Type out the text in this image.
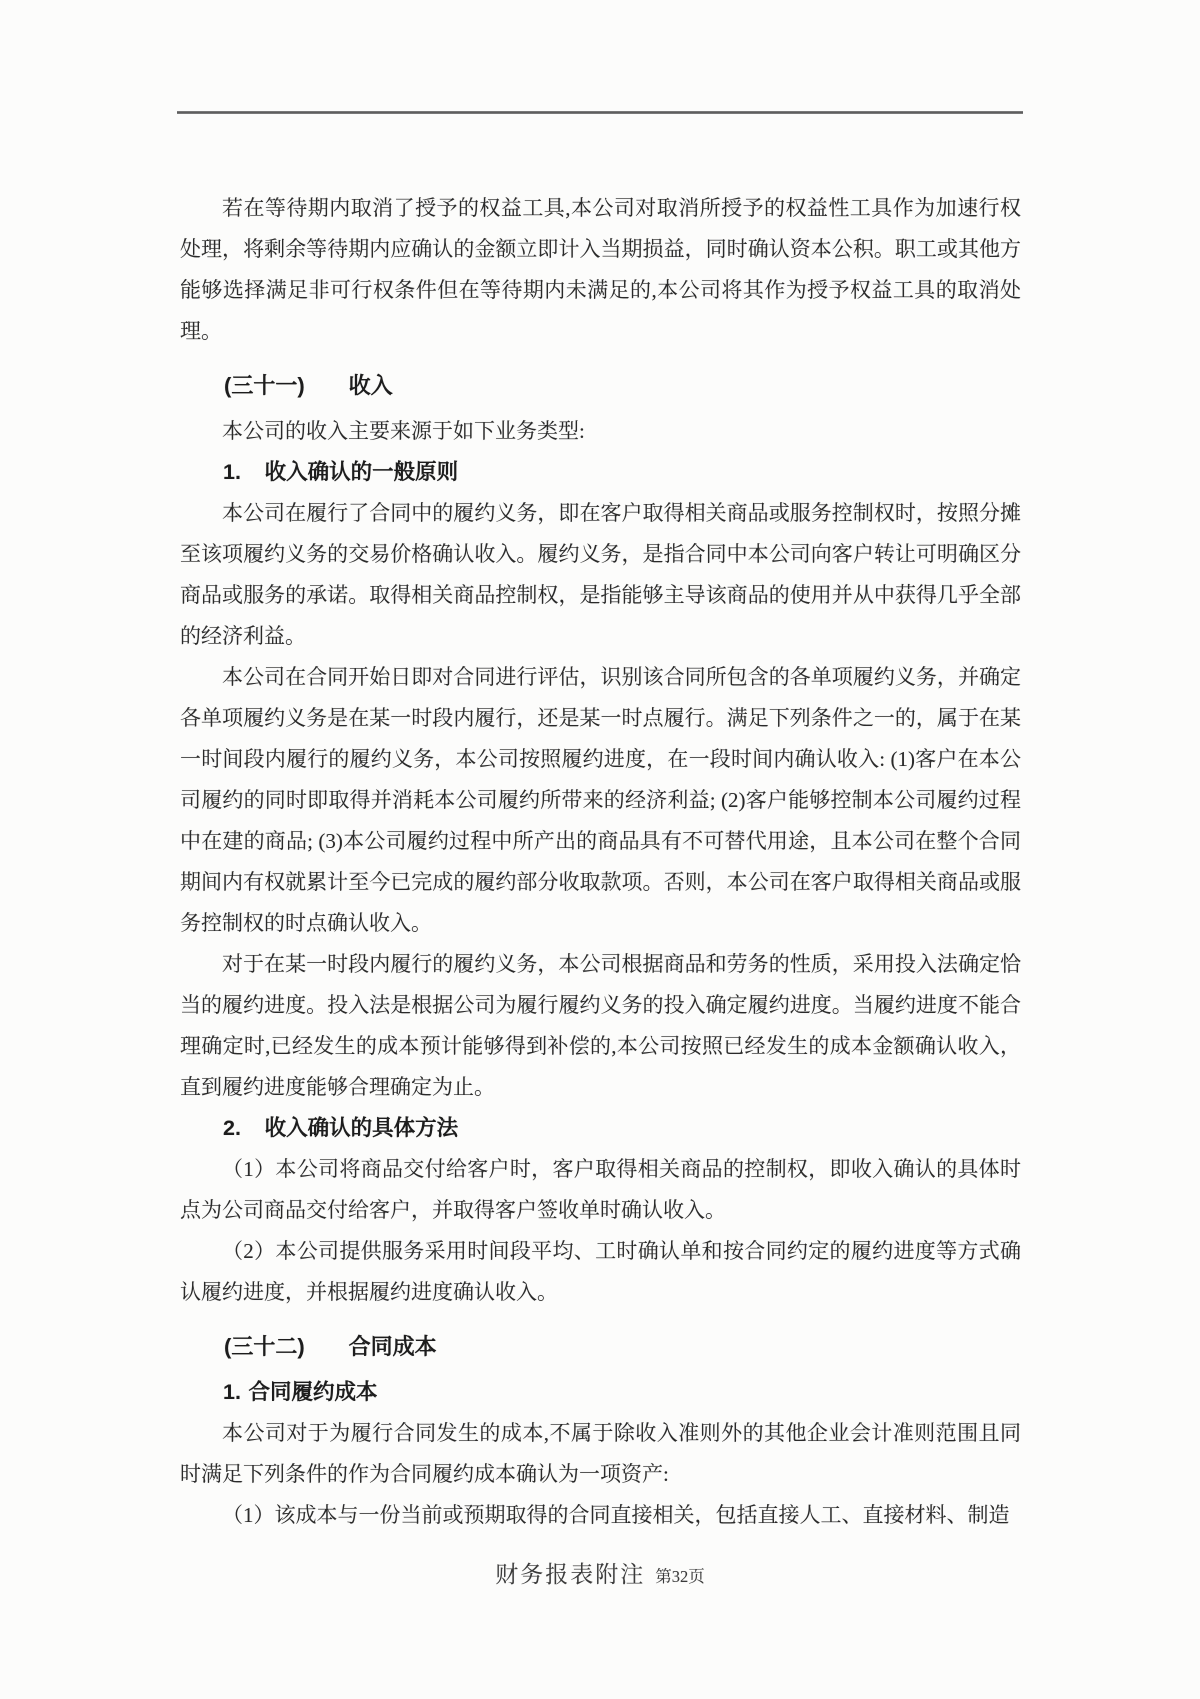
若在等待期内取消了授予的权益工具,本公司对取消所授予的权益性工具作为加速行权处理，将剩余等待期内应确认的金额立即计入当期损益，同时确认资本公积。职工或其他方能够选择满足非可行权条件但在等待期内未满足的,本公司将其作为授予权益工具的取消处理。

(三十一) 收入

本公司的收入主要来源于如下业务类型:

1. 收入确认的一般原则

本公司在履行了合同中的履约义务，即在客户取得相关商品或服务控制权时，按照分摊至该项履约义务的交易价格确认收入。履约义务，是指合同中本公司向客户转让可明确区分商品或服务的承诺。取得相关商品控制权，是指能够主导该商品的使用并从中获得几乎全部的经济利益。

本公司在合同开始日即对合同进行评估，识别该合同所包含的各单项履约义务，并确定各单项履约义务是在某一时段内履行，还是某一时点履行。满足下列条件之一的，属于在某一时间段内履行的履约义务，本公司按照履约进度，在一段时间内确认收入: (1)客户在本公司履约的同时即取得并消耗本公司履约所带来的经济利益; (2)客户能够控制本公司履约过程中在建的商品; (3)本公司履约过程中所产出的商品具有不可替代用途，且本公司在整个合同期间内有权就累计至今已完成的履约部分收取款项。否则，本公司在客户取得相关商品或服务控制权的时点确认收入。

对于在某一时段内履行的履约义务，本公司根据商品和劳务的性质，采用投入法确定恰当的履约进度。投入法是根据公司为履行履约义务的投入确定履约进度。当履约进度不能合理确定时,已经发生的成本预计能够得到补偿的,本公司按照已经发生的成本金额确认收入，直到履约进度能够合理确定为止。

2. 收入确认的具体方法

（1）本公司将商品交付给客户时，客户取得相关商品的控制权，即收入确认的具体时点为公司商品交付给客户，并取得客户签收单时确认收入。

（2）本公司提供服务采用时间段平均、工时确认单和按合同约定的履约进度等方式确认履约进度，并根据履约进度确认收入。

(三十二) 合同成本
1. 合同履约成本

本公司对于为履行合同发生的成本,不属于除收入准则外的其他企业会计准则范围且同时满足下列条件的作为合同履约成本确认为一项资产:

（1）该成本与一份当前或预期取得的合同直接相关，包括直接人工、直接材料、制造

财务报表附注 第32页
